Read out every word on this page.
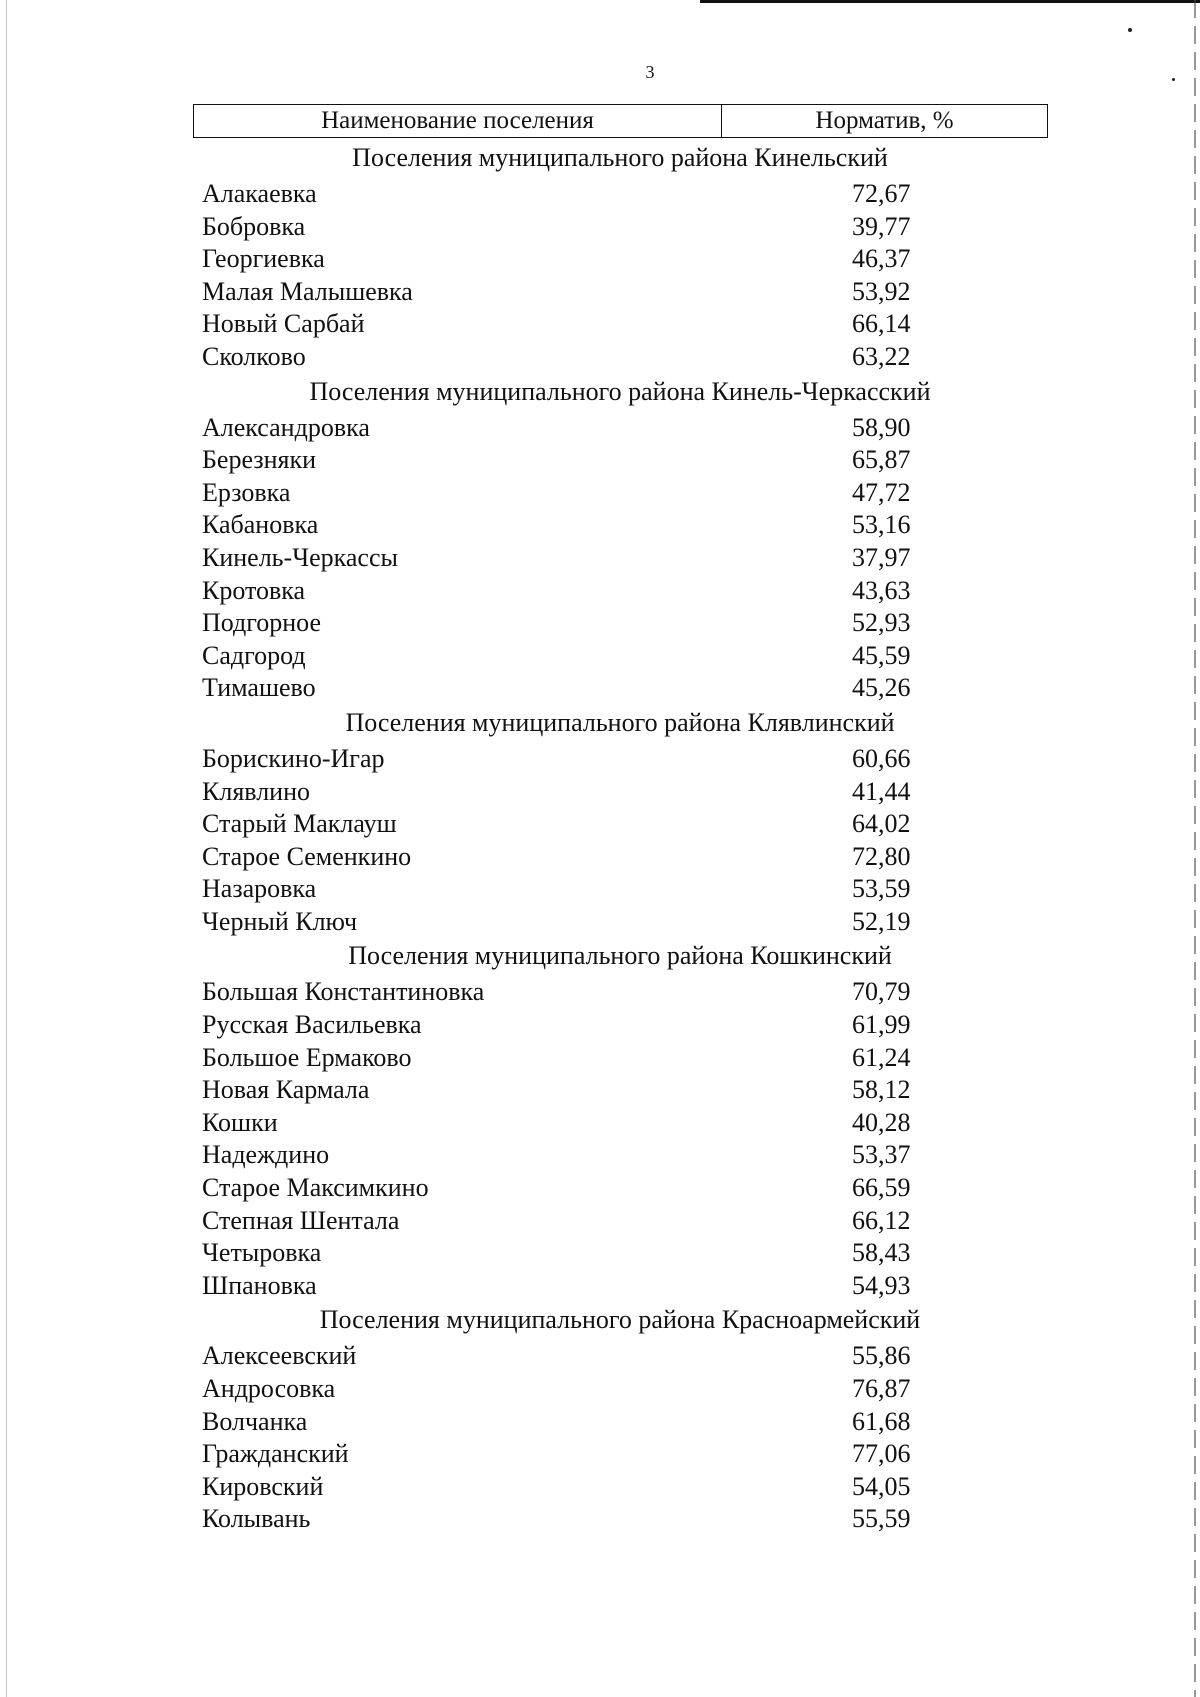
3
Наименование поселения	Норматив, %
Поселения муниципального района Кинельский
Алакаевка	72,67
Бобровка	39,77
Георгиевка	46,37
Малая Малышевка	53,92
Новый Сарбай	66,14
Сколково	63,22
Поселения муниципального района Кинель-Черкасский
Александровка	58,90
Березняки	65,87
Ерзовка	47,72
Кабановка	53,16
Кинель-Черкассы	37,97
Кротовка	43,63
Подгорное	52,93
Садгород	45,59
Тимашево	45,26
Поселения муниципального района Клявлинский
Борискино-Игар	60,66
Клявлино	41,44
Старый Маклауш	64,02
Старое Семенкино	72,80
Назаровка	53,59
Черный Ключ	52,19
Поселения муниципального района Кошкинский
Большая Константиновка	70,79
Русская Васильевка	61,99
Большое Ермаково	61,24
Новая Кармала	58,12
Кошки	40,28
Надеждино	53,37
Старое Максимкино	66,59
Степная Шентала	66,12
Четыровка	58,43
Шпановка	54,93
Поселения муниципального района Красноармейский
Алексеевский	55,86
Андросовка	76,87
Волчанка	61,68
Гражданский	77,06
Кировский	54,05
Колывань	55,59
